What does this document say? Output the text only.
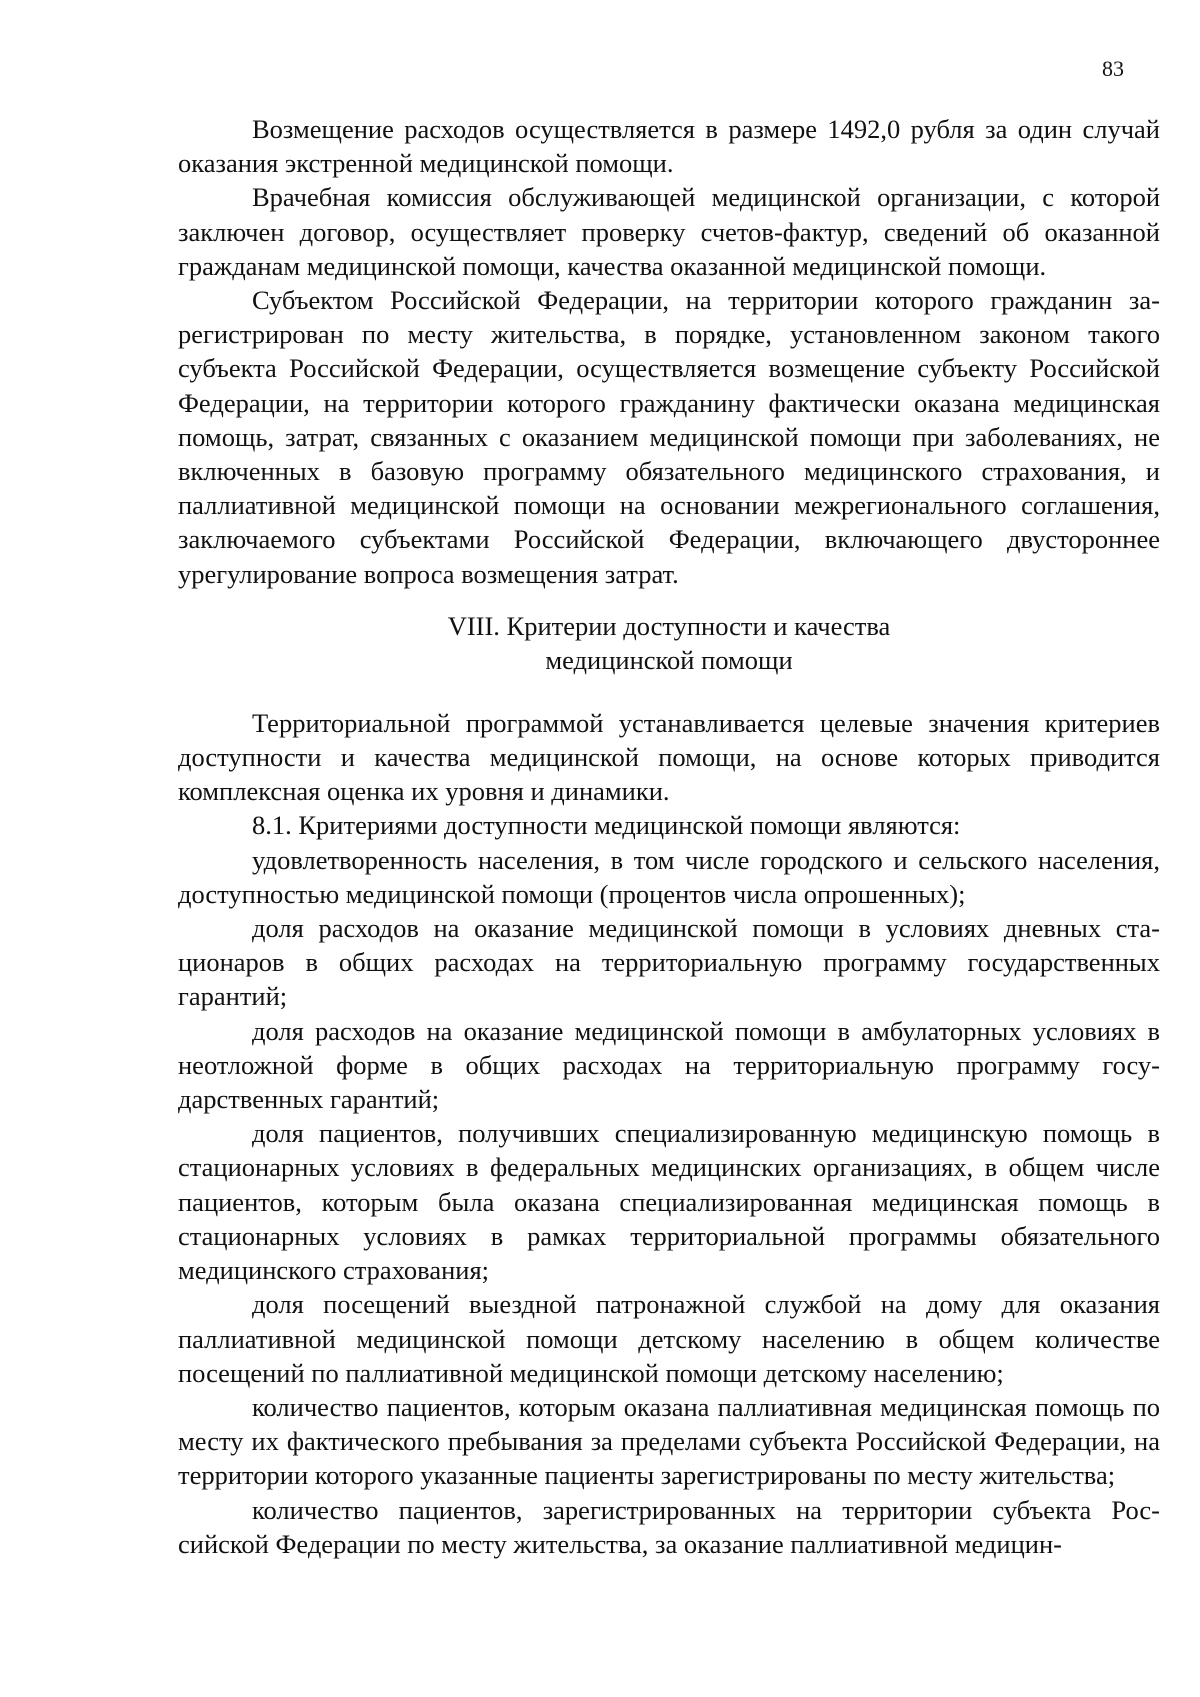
83

Возмещение расходов осуществляется в размере 1492,0 рубля за один случай оказания экстренной медицинской помощи.

Врачебная комиссия обслуживающей медицинской организации, с которой заключен договор, осуществляет проверку счетов-фактур, сведений об оказанной гражданам медицинской помощи, качества оказанной медицинской помощи.

Субъектом Российской Федерации, на территории которого гражданин зарегистрирован по месту жительства, в порядке, установленном законом такого субъекта Российской Федерации, осуществляется возмещение субъекту Российской Федерации, на территории которого гражданину фактически оказана медицинская помощь, затрат, связанных с оказанием медицинской помощи при заболеваниях, не включенных в базовую программу обязательного медицинского страхования, и паллиативной медицинской помощи на основании межрегионального соглашения, заключаемого субъектами Российской Федерации, включающего двустороннее урегулирование вопроса возмещения затрат.

VIII. Критерии доступности и качества
медицинской помощи

Территориальной программой устанавливается целевые значения критериев доступности и качества медицинской помощи, на основе которых приводится комплексная оценка их уровня и динамики.

8.1. Критериями доступности медицинской помощи являются:

удовлетворенность населения, в том числе городского и сельского населения, доступностью медицинской помощи (процентов числа опрошенных);

доля расходов на оказание медицинской помощи в условиях дневных стационаров в общих расходах на территориальную программу государственных гарантий;

доля расходов на оказание медицинской помощи в амбулаторных условиях в неотложной форме в общих расходах на территориальную программу государственных гарантий;

доля пациентов, получивших специализированную медицинскую помощь в стационарных условиях в федеральных медицинских организациях, в общем числе пациентов, которым была оказана специализированная медицинская помощь в стационарных условиях в рамках территориальной программы обязательного медицинского страхования;

доля посещений выездной патронажной службой на дому для оказания паллиативной медицинской помощи детскому населению в общем количестве посещений по паллиативной медицинской помощи детскому населению;

количество пациентов, которым оказана паллиативная медицинская помощь по месту их фактического пребывания за пределами субъекта Российской Федерации, на территории которого указанные пациенты зарегистрированы по месту жительства;

количество пациентов, зарегистрированных на территории субъекта Российской Федерации по месту жительства, за оказание паллиативной медицин-
